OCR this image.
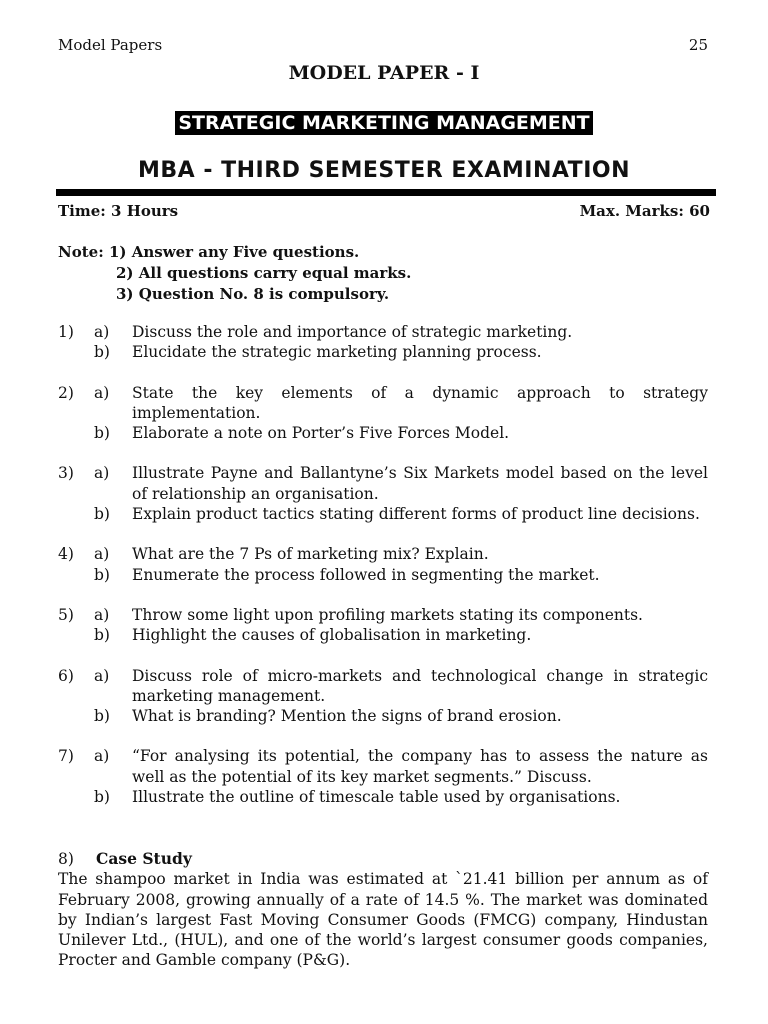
Model Papers	25
MODEL PAPER - I
STRATEGIC MARKETING MANAGEMENT
MBA - THIRD SEMESTER EXAMINATION
Time: 3 Hours	Max. Marks: 60
Note: 1) Answer any Five questions.
2) All questions carry equal marks.
3) Question No. 8 is compulsory.
1)	a)	Discuss the role and importance of strategic marketing.
b)	Elucidate the strategic marketing planning process.
2)	a)	State the key elements of a dynamic approach to strategy implementation.
b)	Elaborate a note on Porter’s Five Forces Model.
3)	a)	Illustrate Payne and Ballantyne’s Six Markets model based on the level of relationship an organisation.
b)	Explain product tactics stating different forms of product line decisions.
4)	a)	What are the 7 Ps of marketing mix? Explain.
b)	Enumerate the process followed in segmenting the market.
5)	a)	Throw some light upon profiling markets stating its components.
b)	Highlight the causes of globalisation in marketing.
6)	a)	Discuss role of micro-markets and technological change in strategic marketing management.
b)	What is branding? Mention the signs of brand erosion.
7)	a)	“For analysing its potential, the company has to assess the nature as well as the potential of its key market segments.” Discuss.
b)	Illustrate the outline of timescale table used by organisations.
8)	Case Study
The shampoo market in India was estimated at `21.41 billion per annum as of February 2008, growing annually of a rate of 14.5 %. The market was dominated by Indian’s largest Fast Moving Consumer Goods (FMCG) company, Hindustan Unilever Ltd., (HUL), and one of the world’s largest consumer goods companies, Procter and Gamble company (P&G).
